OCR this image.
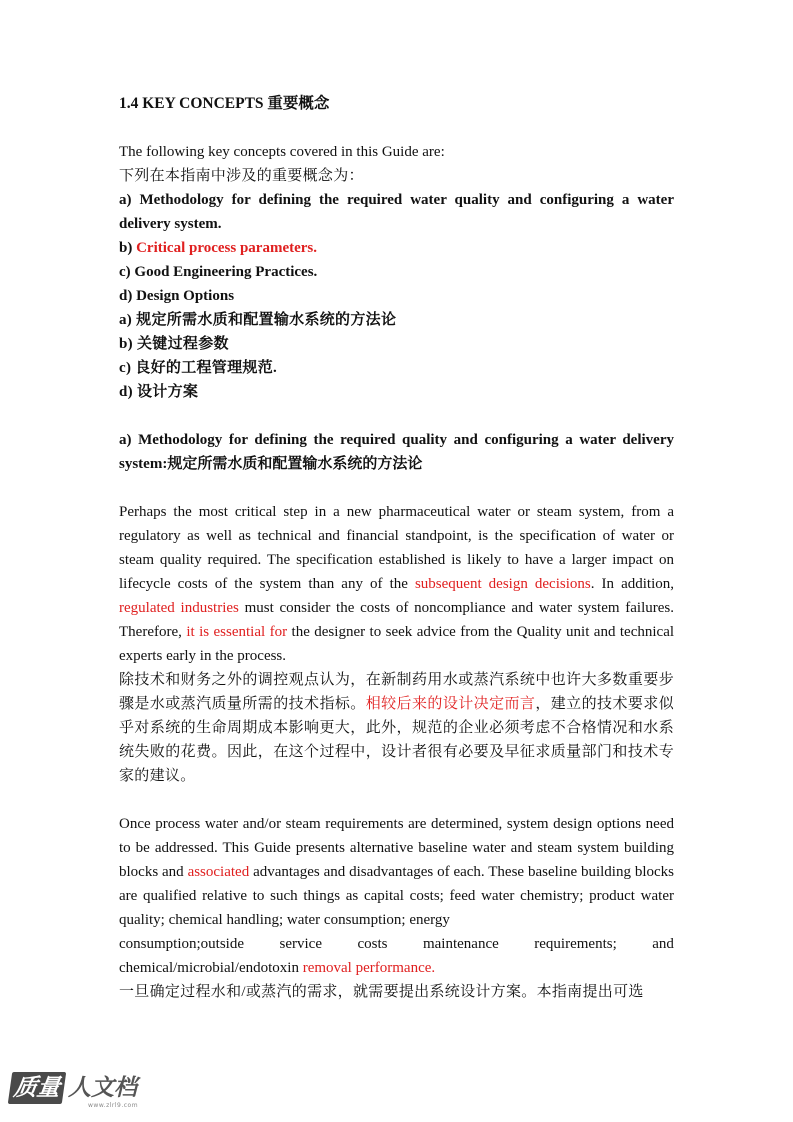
1.4 KEY CONCEPTS 重要概念

The following key concepts covered in this Guide are:

下列在本指南中涉及的重要概念为：

a) Methodology for defining the required water quality and configuring a water delivery system.

b) Critical process parameters.

c) Good Engineering Practices.

d) Design Options

a) 规定所需水质和配置输水系统的方法论

b) 关键过程参数

c) 良好的工程管理规范.

d) 设计方案

a) Methodology for defining the required quality and configuring a water delivery system:规定所需水质和配置输水系统的方法论

Perhaps the most critical step in a new pharmaceutical water or steam system, from a regulatory as well as technical and financial standpoint, is the specification of water or steam quality required. The specification established is likely to have a larger impact on lifecycle costs of the system than any of the subsequent design decisions. In addition, regulated industries must consider the costs of noncompliance and water system failures. Therefore, it is essential for the designer to seek advice from the Quality unit and technical experts early in the process.

除技术和财务之外的调控观点认为，在新制药用水或蒸汽系统中也许大多数重要步骤是水或蒸汽质量所需的技术指标。相较后来的设计决定而言，建立的技术要求似乎对系统的生命周期成本影响更大，此外，规范的企业必须考虑不合格情况和水系统失败的花费。因此，在这个过程中，设计者很有必要及早征求质量部门和技术专家的建议。

Once process water and/or steam requirements are determined, system design options need to be addressed. This Guide presents alternative baseline water and steam system building blocks and associated advantages and disadvantages of each. These baseline building blocks are qualified relative to such things as capital costs; feed water chemistry; product water quality; chemical handling; water consumption; energy

consumption;outside service costs maintenance requirements; and

chemical/microbial/endotoxin removal performance.

一旦确定过程水和/或蒸汽的需求，就需要提出系统设计方案。本指南提出可选

质量 人文档
www.zlrl9.com
